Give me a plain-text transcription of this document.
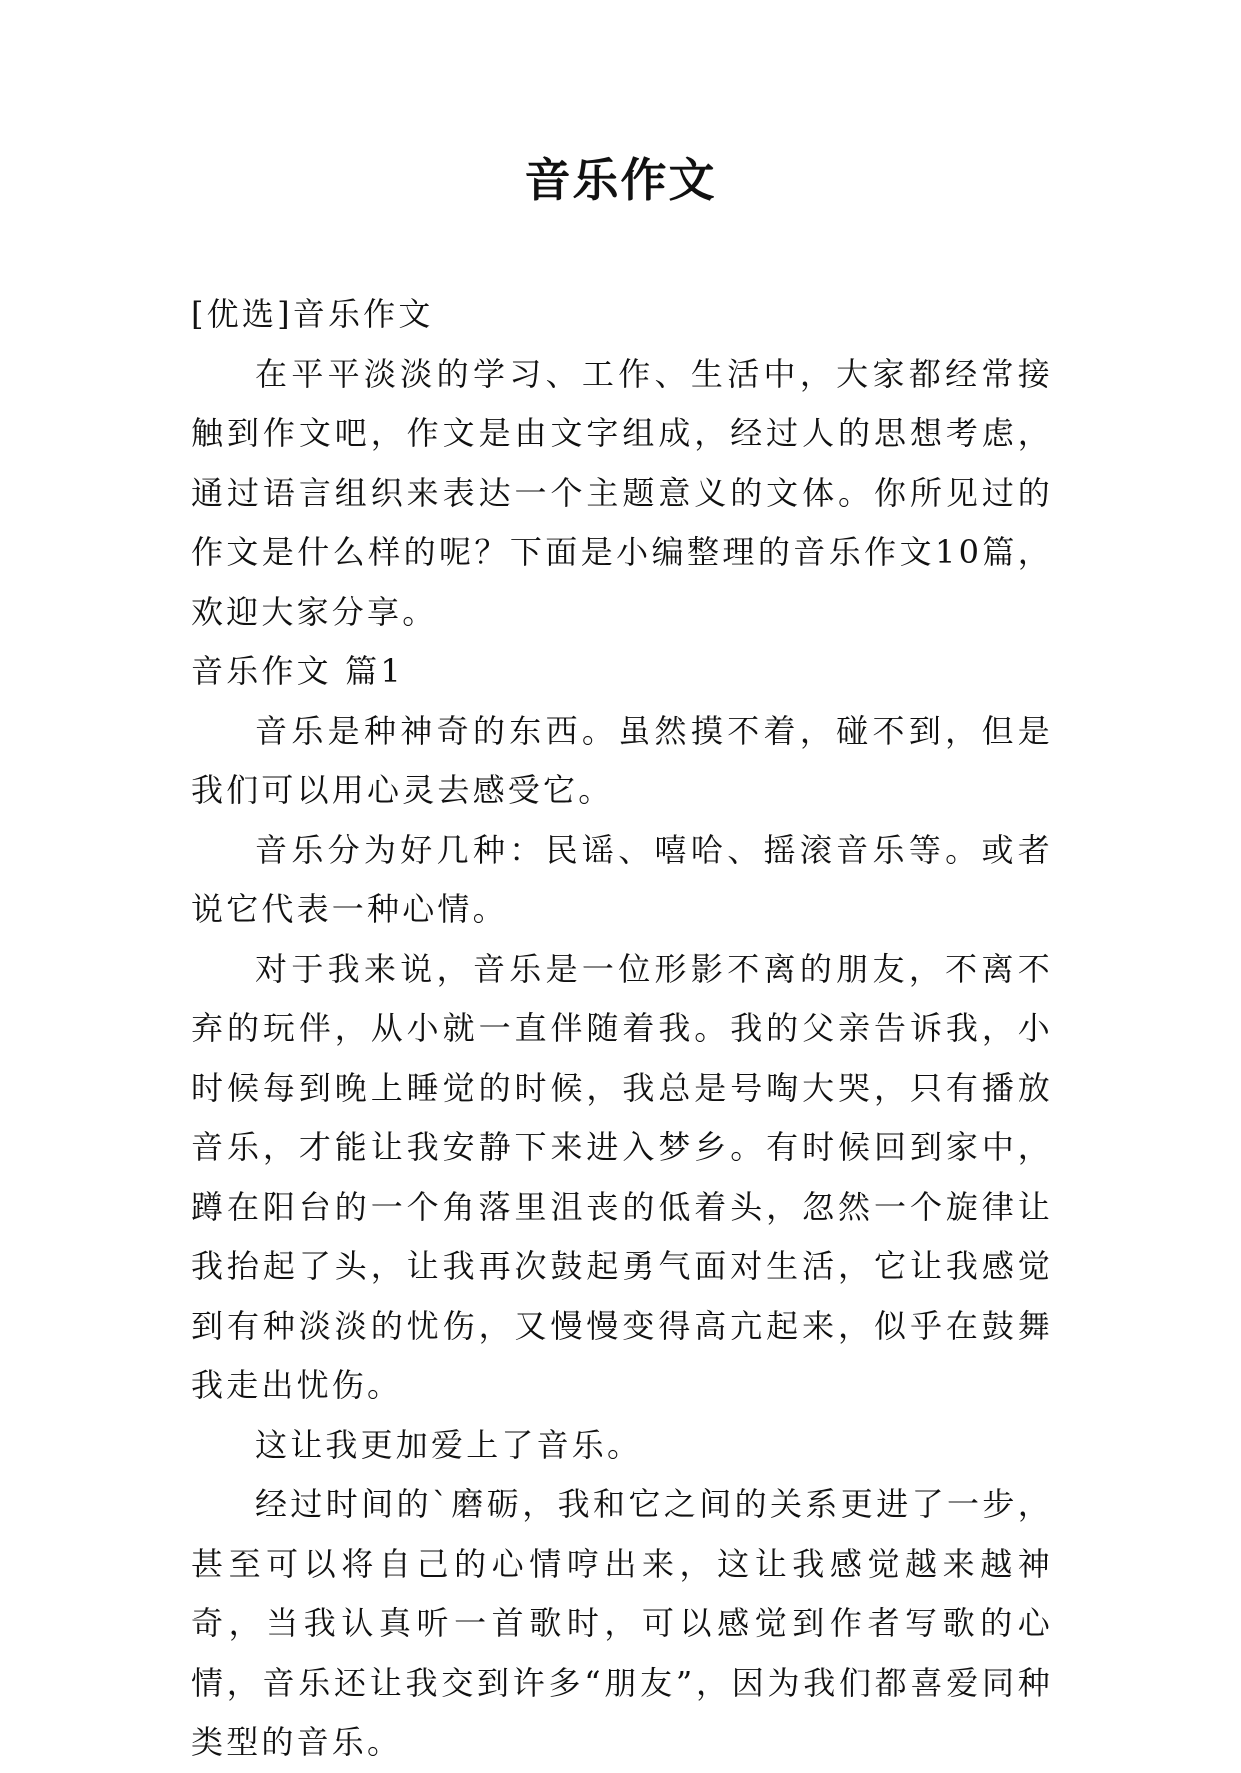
音乐作文

[优选]音乐作文

在平平淡淡的学习、工作、生活中，大家都经常接触到作文吧，作文是由文字组成，经过人的思想考虑，通过语言组织来表达一个主题意义的文体。你所见过的作文是什么样的呢？下面是小编整理的音乐作文10篇，欢迎大家分享。

音乐作文 篇1

音乐是种神奇的东西。虽然摸不着，碰不到，但是我们可以用心灵去感受它。

音乐分为好几种：民谣、嘻哈、摇滚音乐等。或者说它代表一种心情。

对于我来说，音乐是一位形影不离的朋友，不离不弃的玩伴，从小就一直伴随着我。我的父亲告诉我，小时候每到晚上睡觉的时候，我总是号啕大哭，只有播放音乐，才能让我安静下来进入梦乡。有时候回到家中，蹲在阳台的一个角落里沮丧的低着头，忽然一个旋律让我抬起了头，让我再次鼓起勇气面对生活，它让我感觉到有种淡淡的忧伤，又慢慢变得高亢起来，似乎在鼓舞我走出忧伤。

这让我更加爱上了音乐。

经过时间的`磨砺，我和它之间的关系更进了一步，甚至可以将自己的心情哼出来，这让我感觉越来越神奇，当我认真听一首歌时，可以感觉到作者写歌的心情，音乐还让我交到许多“朋友”，因为我们都喜爱同种类型的音乐。
